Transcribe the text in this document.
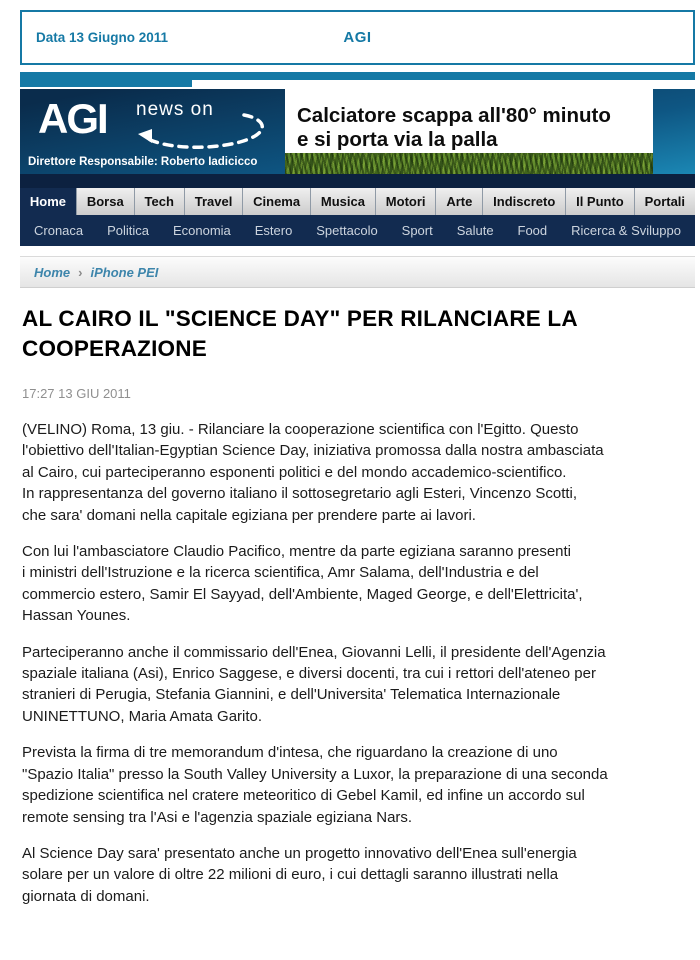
Data 13 Giugno 2011	AGI
AGI news on
Direttore Responsabile: Roberto Iadicicco
Calciatore scappa all'80° minuto
e si porta via la palla
Home	Borsa	Tech	Travel	Cinema	Musica	Motori	Arte	Indiscreto	Il Punto	Portali
Cronaca Politica Economia Estero Spettacolo Sport Salute Food Ricerca & Sviluppo
Home › iPhone PEI
AL CAIRO IL "SCIENCE DAY" PER RILANCIARE LA
COOPERAZIONE
17:27 13 GIU 2011

(VELINO) Roma, 13 giu. - Rilanciare la cooperazione scientifica con l'Egitto. Questo
l'obiettivo dell'Italian-Egyptian Science Day, iniziativa promossa dalla nostra ambasciata
al Cairo, cui parteciperanno esponenti politici e del mondo accademico-scientifico.
In rappresentanza del governo italiano il sottosegretario agli Esteri, Vincenzo Scotti,
che sara' domani nella capitale egiziana per prendere parte ai lavori.

Con lui l'ambasciatore Claudio Pacifico, mentre da parte egiziana saranno presenti
i ministri dell'Istruzione e la ricerca scientifica, Amr Salama, dell'Industria e del
commercio estero, Samir El Sayyad, dell'Ambiente, Maged George, e dell'Elettricita',
Hassan Younes.

Parteciperanno anche il commissario dell'Enea, Giovanni Lelli, il presidente dell'Agenzia
spaziale italiana (Asi), Enrico Saggese, e diversi docenti, tra cui i rettori dell'ateneo per
stranieri di Perugia, Stefania Giannini, e dell'Universita' Telematica Internazionale
UNINETTUNO, Maria Amata Garito.

Prevista la firma di tre memorandum d'intesa, che riguardano la creazione di uno
"Spazio Italia" presso la South Valley University a Luxor, la preparazione di una seconda
spedizione scientifica nel cratere meteoritico di Gebel Kamil, ed infine un accordo sul
remote sensing tra l'Asi e l'agenzia spaziale egiziana Nars.

Al Science Day sara' presentato anche un progetto innovativo dell'Enea sull'energia
solare per un valore di oltre 22 milioni di euro, i cui dettagli saranno illustrati nella
giornata di domani.
